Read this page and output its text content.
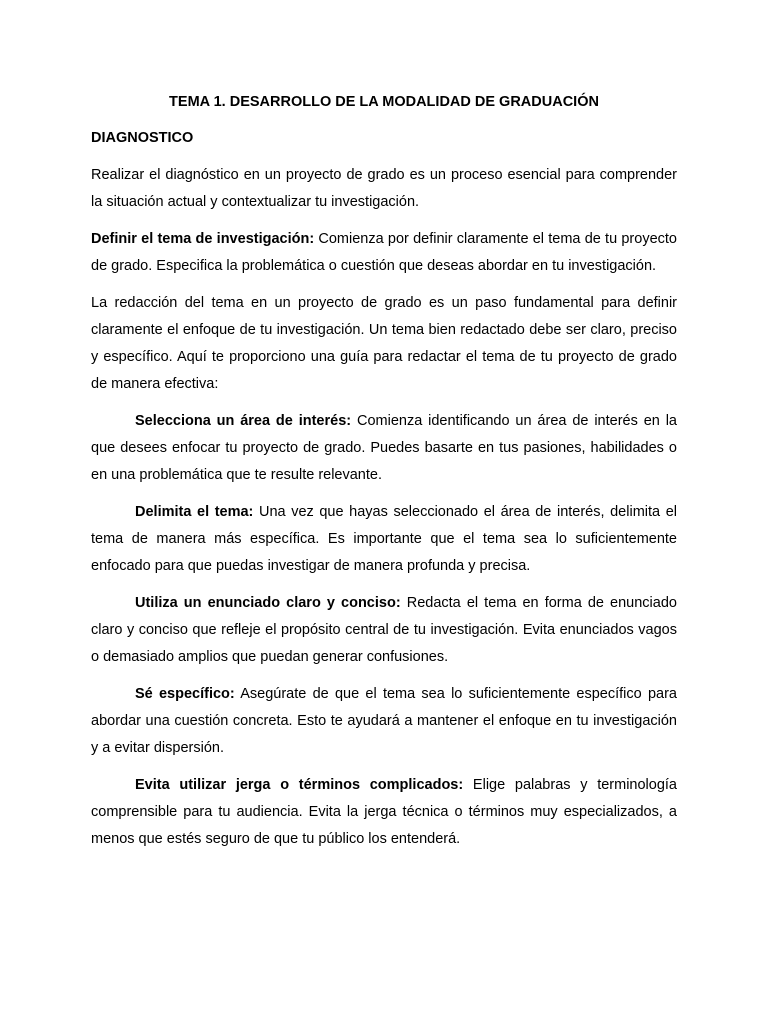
TEMA 1. DESARROLLO DE LA MODALIDAD DE GRADUACIÓN
DIAGNOSTICO

Realizar el diagnóstico en un proyecto de grado es un proceso esencial para comprender la situación actual y contextualizar tu investigación.

Definir el tema de investigación: Comienza por definir claramente el tema de tu proyecto de grado. Especifica la problemática o cuestión que deseas abordar en tu investigación.

La redacción del tema en un proyecto de grado es un paso fundamental para definir claramente el enfoque de tu investigación. Un tema bien redactado debe ser claro, preciso y específico. Aquí te proporciono una guía para redactar el tema de tu proyecto de grado de manera efectiva:

Selecciona un área de interés: Comienza identificando un área de interés en la que desees enfocar tu proyecto de grado. Puedes basarte en tus pasiones, habilidades o en una problemática que te resulte relevante.

Delimita el tema: Una vez que hayas seleccionado el área de interés, delimita el tema de manera más específica. Es importante que el tema sea lo suficientemente enfocado para que puedas investigar de manera profunda y precisa.

Utiliza un enunciado claro y conciso: Redacta el tema en forma de enunciado claro y conciso que refleje el propósito central de tu investigación. Evita enunciados vagos o demasiado amplios que puedan generar confusiones.

Sé específico: Asegúrate de que el tema sea lo suficientemente específico para abordar una cuestión concreta. Esto te ayudará a mantener el enfoque en tu investigación y a evitar dispersión.

Evita utilizar jerga o términos complicados: Elige palabras y terminología comprensible para tu audiencia. Evita la jerga técnica o términos muy especializados, a menos que estés seguro de que tu público los entenderá.
